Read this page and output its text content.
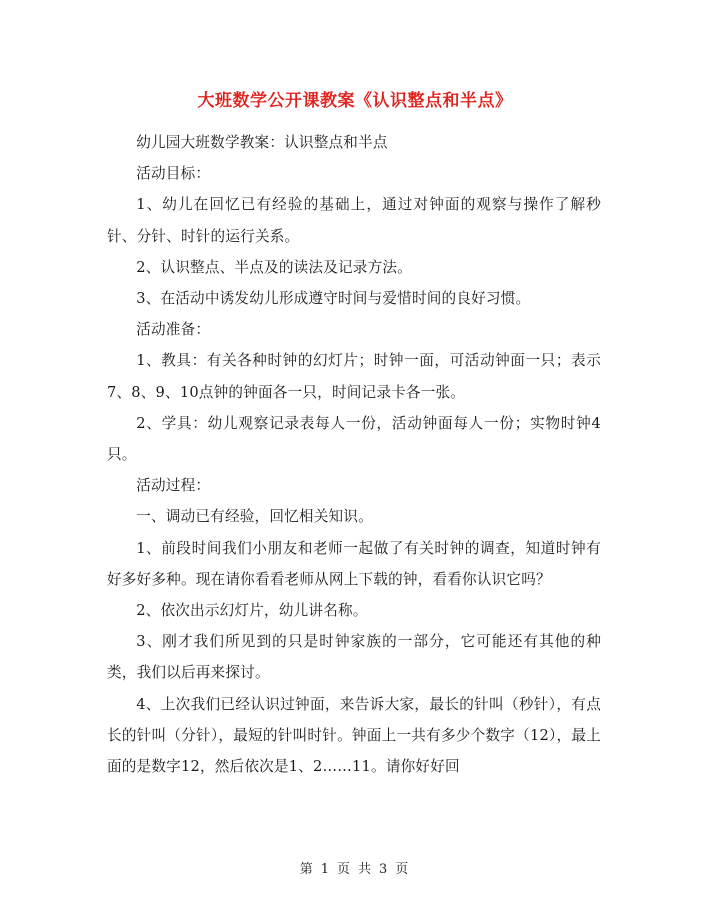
大班数学公开课教案《认识整点和半点》

幼儿园大班数学教案：认识整点和半点

活动目标：

1、幼儿在回忆已有经验的基础上，通过对钟面的观察与操作了解秒针、分针、时针的运行关系。

2、认识整点、半点及的读法及记录方法。

3、在活动中诱发幼儿形成遵守时间与爱惜时间的良好习惯。

活动准备：

1、教具：有关各种时钟的幻灯片；时钟一面，可活动钟面一只；表示7、8、9、10点钟的钟面各一只，时间记录卡各一张。

2、学具：幼儿观察记录表每人一份，活动钟面每人一份；实物时钟4只。

活动过程：

一、调动已有经验，回忆相关知识。

1、前段时间我们小朋友和老师一起做了有关时钟的调查，知道时钟有好多好多种。现在请你看看老师从网上下载的钟，看看你认识它吗？

2、依次出示幻灯片，幼儿讲名称。

3、刚才我们所见到的只是时钟家族的一部分，它可能还有其他的种类，我们以后再来探讨。

4、上次我们已经认识过钟面，来告诉大家，最长的针叫（秒针），有点长的针叫（分针），最短的针叫时针。钟面上一共有多少个数字（12），最上面的是数字12，然后依次是1、2……11。请你好好回

第 1 页 共 3 页
